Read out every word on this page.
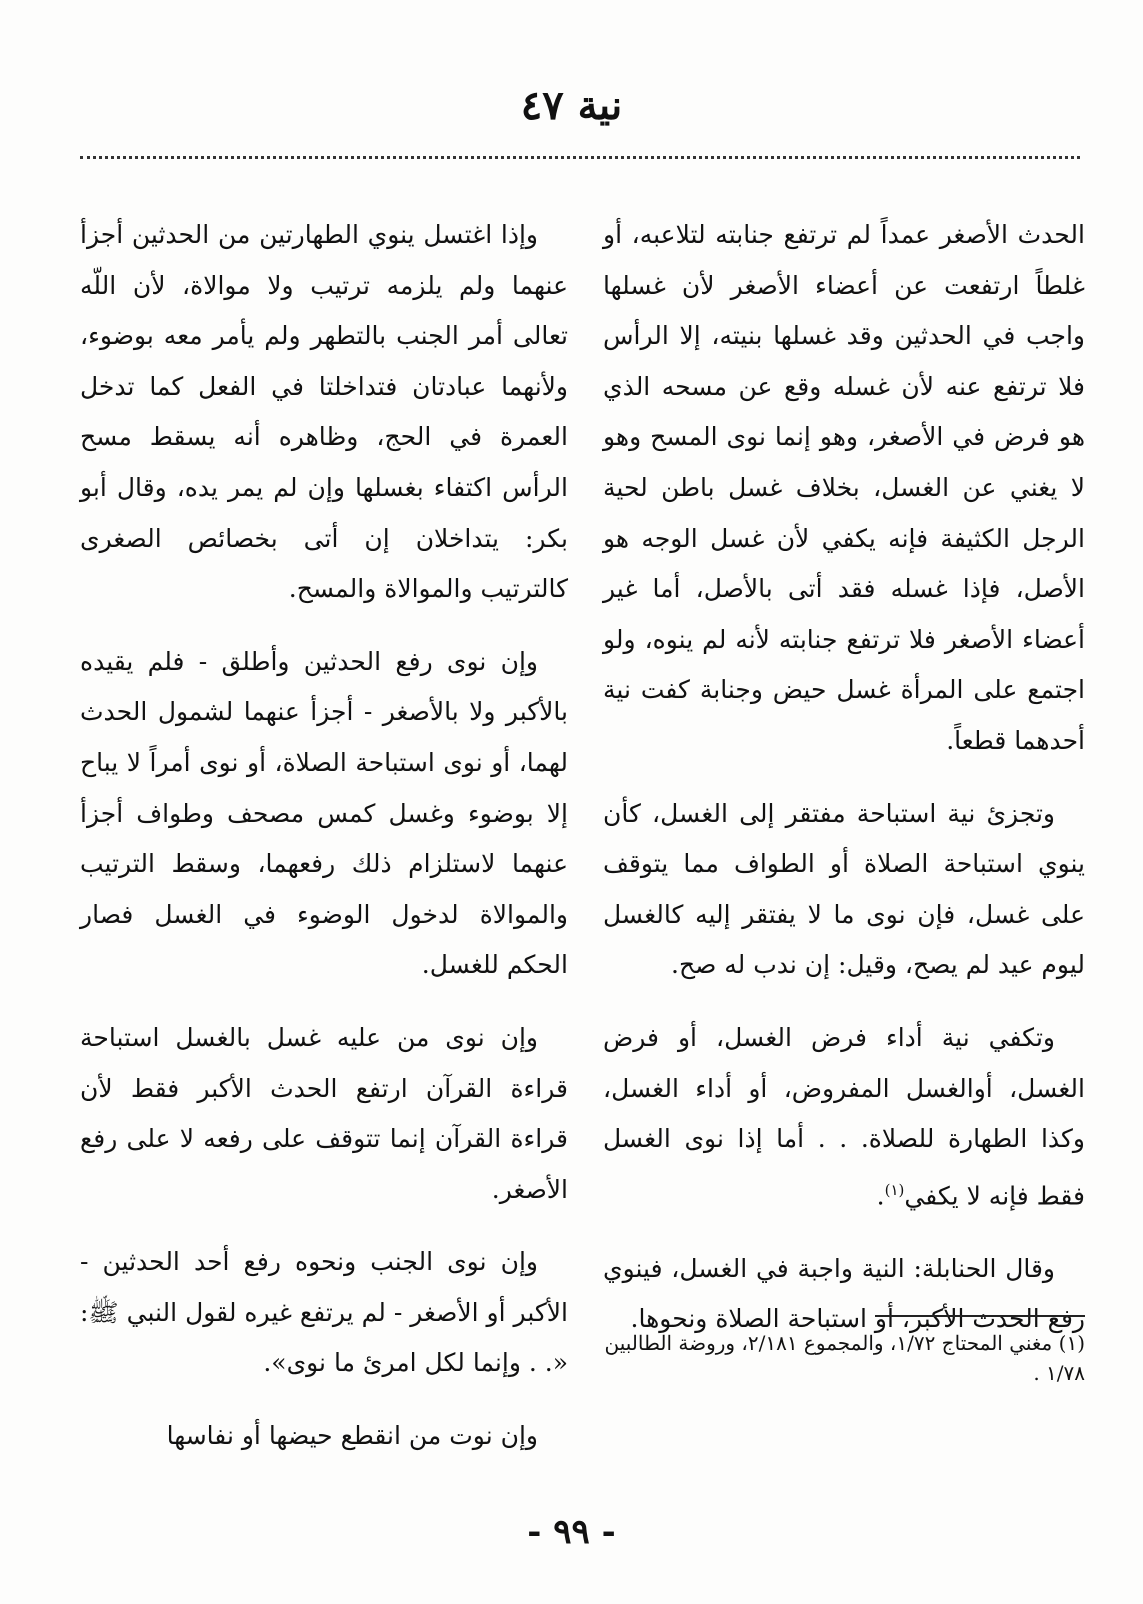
نية ٤٧

الحدث الأصغر عمداً لم ترتفع جنابته لتلاعبه، أو غلطاً ارتفعت عن أعضاء الأصغر لأن غسلها واجب في الحدثين وقد غسلها بنيته، إلا الرأس فلا ترتفع عنه لأن غسله وقع عن مسحه الذي هو فرض في الأصغر، وهو إنما نوى المسح وهو لا يغني عن الغسل، بخلاف غسل باطن لحية الرجل الكثيفة فإنه يكفي لأن غسل الوجه هو الأصل، فإذا غسله فقد أتى بالأصل، أما غير أعضاء الأصغر فلا ترتفع جنابته لأنه لم ينوه، ولو اجتمع على المرأة غسل حيض وجنابة كفت نية أحدهما قطعاً.

وتجزئ نية استباحة مفتقر إلى الغسل، كأن ينوي استباحة الصلاة أو الطواف مما يتوقف على غسل، فإن نوى ما لا يفتقر إليه كالغسل ليوم عيد لم يصح، وقيل: إن ندب له صح.

وتكفي نية أداء فرض الغسل، أو فرض الغسل، أوالغسل المفروض، أو أداء الغسل، وكذا الطهارة للصلاة. . . أما إذا نوى الغسل فقط فإنه لا يكفي$^{(١)}$.

وقال الحنابلة: النية واجبة في الغسل، فينوي رفع الحدث الأكبر، أو استباحة الصلاة ونحوها.

وإذا اغتسل ينوي الطهارتين من الحدثين أجزأ عنهما ولم يلزمه ترتيب ولا موالاة، لأن اللّه تعالى أمر الجنب بالتطهر ولم يأمر معه بوضوء، ولأنهما عبادتان فتداخلتا في الفعل كما تدخل العمرة في الحج، وظاهره أنه يسقط مسح الرأس اكتفاء بغسلها وإن لم يمر يده، وقال أبو بكر: يتداخلان إن أتى بخصائص الصغرى كالترتيب والموالاة والمسح.

وإن نوى رفع الحدثين وأطلق - فلم يقيده بالأكبر ولا بالأصغر - أجزأ عنهما لشمول الحدث لهما، أو نوى استباحة الصلاة، أو نوى أمراً لا يباح إلا بوضوء وغسل كمس مصحف وطواف أجزأ عنهما لاستلزام ذلك رفعهما، وسقط الترتيب والموالاة لدخول الوضوء في الغسل فصار الحكم للغسل.

وإن نوى من عليه غسل بالغسل استباحة قراءة القرآن ارتفع الحدث الأكبر فقط لأن قراءة القرآن إنما تتوقف على رفعه لا على رفع الأصغر.

وإن نوى الجنب ونحوه رفع أحد الحدثين - الأكبر أو الأصغر - لم يرتفع غيره لقول النبي ﷺ: «. . وإنما لكل امرئ ما نوى».

وإن نوت من انقطع حيضها أو نفاسها

(١) مغني المحتاج ١/٧٢، والمجموع ٢/١٨١، وروضة الطالبين ١/٧٨ .
- ٩٩ -
